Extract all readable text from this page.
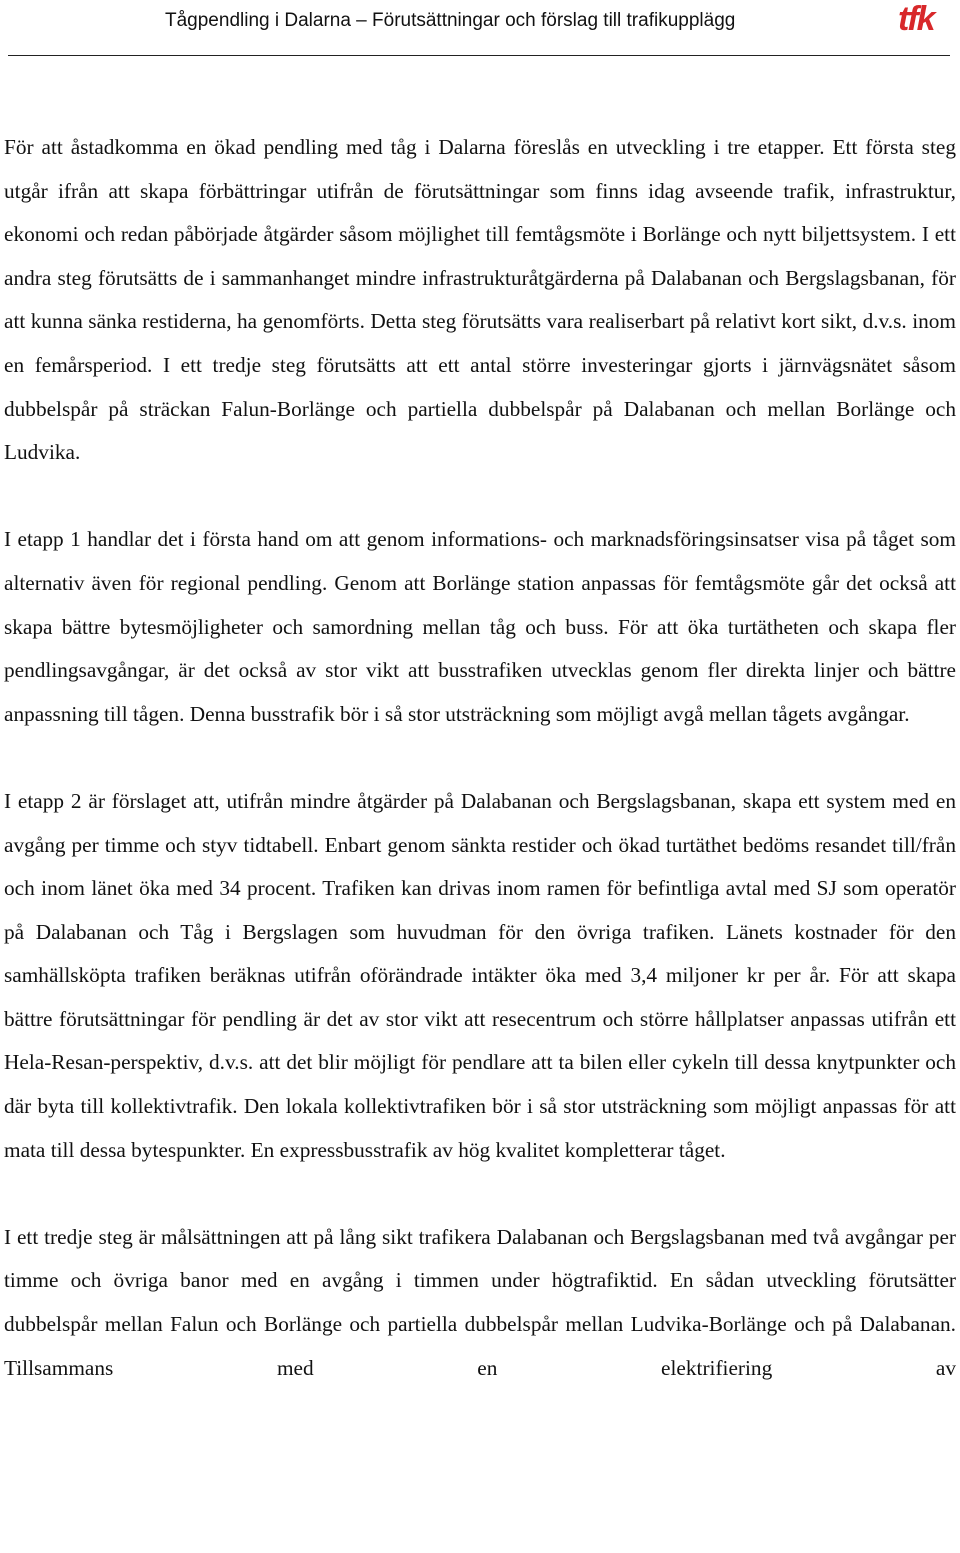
Tågpendling i Dalarna – Förutsättningar och förslag till trafikupplägg	tfk

För att åstadkomma en ökad pendling med tåg i Dalarna föreslås en utveckling i tre etapper. Ett första steg utgår ifrån att skapa förbättringar utifrån de förutsättningar som finns idag avseende trafik, infrastruktur, ekonomi och redan påbörjade åtgärder såsom möjlighet till femtågsmöte i Borlänge och nytt biljettsystem. I ett andra steg förutsätts de i sammanhanget mindre infrastrukturåtgärderna på Dalabanan och Bergslagsbanan, för att kunna sänka restiderna, ha genomförts. Detta steg förutsätts vara realiserbart på relativt kort sikt, d.v.s. inom en femårsperiod. I ett tredje steg förutsätts att ett antal större investeringar gjorts i järnvägsnätet såsom dubbelspår på sträckan Falun-Borlänge och partiella dubbelspår på Dalabanan och mellan Borlänge och Ludvika.

I etapp 1 handlar det i första hand om att genom informations- och marknadsföringsinsatser visa på tåget som alternativ även för regional pendling. Genom att Borlänge station anpassas för femtågsmöte går det också att skapa bättre bytesmöjligheter och samordning mellan tåg och buss. För att öka turtätheten och skapa fler pendlingsavgångar, är det också av stor vikt att busstrafiken utvecklas genom fler direkta linjer och bättre anpassning till tågen. Denna busstrafik bör i så stor utsträckning som möjligt avgå mellan tågets avgångar.

I etapp 2 är förslaget att, utifrån mindre åtgärder på Dalabanan och Bergslagsbanan, skapa ett system med en avgång per timme och styv tidtabell. Enbart genom sänkta restider och ökad turtäthet bedöms resandet till/från och inom länet öka med 34 procent. Trafiken kan drivas inom ramen för befintliga avtal med SJ som operatör på Dalabanan och Tåg i Bergslagen som huvudman för den övriga trafiken. Länets kostnader för den samhällsköpta trafiken beräknas utifrån oförändrade intäkter öka med 3,4 miljoner kr per år. För att skapa bättre förutsättningar för pendling är det av stor vikt att resecentrum och större hållplatser anpassas utifrån ett Hela-Resan-perspektiv, d.v.s. att det blir möjligt för pendlare att ta bilen eller cykeln till dessa knytpunkter och där byta till kollektivtrafik. Den lokala kollektivtrafiken bör i så stor utsträckning som möjligt anpassas för att mata till dessa bytespunkter. En expressbusstrafik av hög kvalitet kompletterar tåget.

I ett tredje steg är målsättningen att på lång sikt trafikera Dalabanan och Bergslagsbanan med två avgångar per timme och övriga banor med en avgång i timmen under högtrafiktid. En sådan utveckling förutsätter dubbelspår mellan Falun och Borlänge och partiella dubbelspår mellan Ludvika-Borlänge och på Dalabanan. Tillsammans med en elektrifiering av
